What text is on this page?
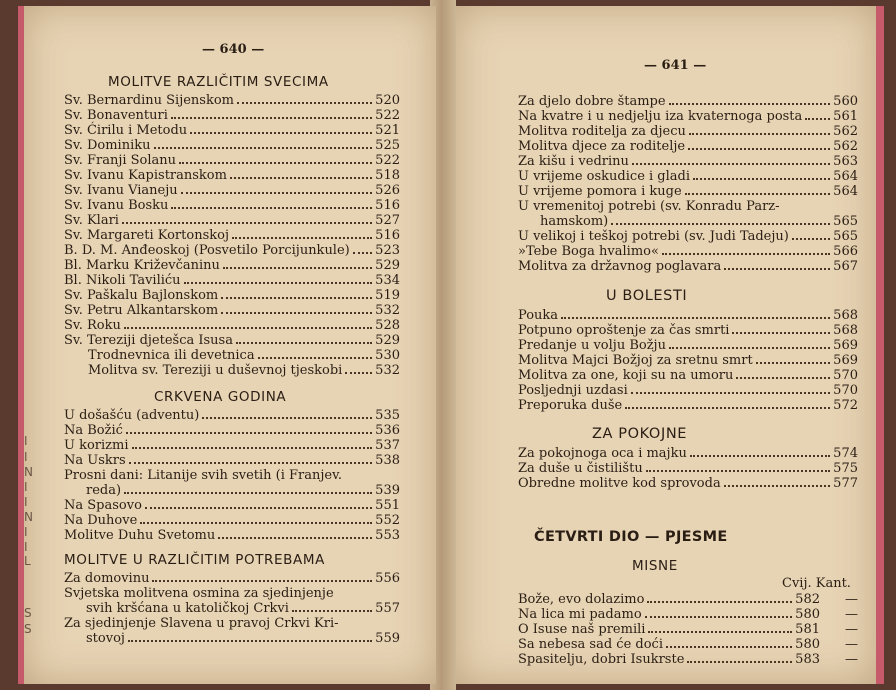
— 640 —
MOLITVE RAZLIČITIM SVECIMA
Sv. Bernardinu Sijenskom	520
Sv. Bonaventuri	522
Sv. Ćirilu i Metodu	521
Sv. Dominiku	525
Sv. Franji Solanu	522
Sv. Ivanu Kapistranskom	518
Sv. Ivanu Vianeju	526
Sv. Ivanu Bosku	516
Sv. Klari	527
Sv. Margareti Kortonskoj	516
B. D. M. Anđeoskoj (Posvetilo Porcijunkule) 523
Bl. Marku Križevčaninu	529
Bl. Nikoli Taviliću	534
Sv. Paškalu Bajlonskom	519
Sv. Petru Alkantarskom	532
Sv. Roku	528
Sv. Tereziji djetešca Isusa	529
Trodnevnica ili devetnica	530
Molitva sv. Tereziji u duševnoj tjeskobi	532
CRKVENA GODINA
U došašću (adventu)	535
Na Božić	536
U korizmi	537
Na Uskrs	538
Prosni dani: Litanije svih svetih (i Franjev.
reda)	539
Na Spasovo	551
Na Duhove	552
Molitve Duhu Svetomu	553
MOLITVE U RAZLIČITIM POTREBAMA
Za domovinu	556
Svjetska molitvena osmina za sjedinjenje
svih kršćana u katoličkoj Crkvi	557
Za sjedinjenje Slavena u pravoj Crkvi Kri-
stovoj	559
I
I
N
I
I
N
I
I
L
S
S
— 641 —
Za djelo dobre štampe	560
Na kvatre i u nedjelju iza kvaternoga posta 561
Molitva roditelja za djecu	562
Molitva djece za roditelje	562
Za kišu i vedrinu	563
U vrijeme oskudice i gladi	564
U vrijeme pomora i kuge	564
U vremenitoj potrebi (sv. Konradu Parz-
hamskom)	565
U velikoj i teškoj potrebi (sv. Judi Tadeju)	565
»Tebe Boga hvalimo«	566
Molitva za državnog poglavara	567
U BOLESTI
Pouka	568
Potpuno oproštenje za čas smrti	568
Predanje u volju Božju	569
Molitva Majci Božjoj za sretnu smrt	569
Molitva za one, koji su na umoru	570
Posljednji uzdasi	570
Preporuka duše	572
ZA POKOJNE
Za pokojnoga oca i majku	574
Za duše u čistilištu	575
Obredne molitve kod sprovoda	577
ČETVRTI DIO — PJESME
MISNE
Cvij. Kant.
Bože, evo dolazimo	582	—
Na lica mi padamo	580	—
O Isuse naš premili	581	—
Sa nebesa sad će doći	580	—
Spasitelju, dobri Isukrste	583	—
